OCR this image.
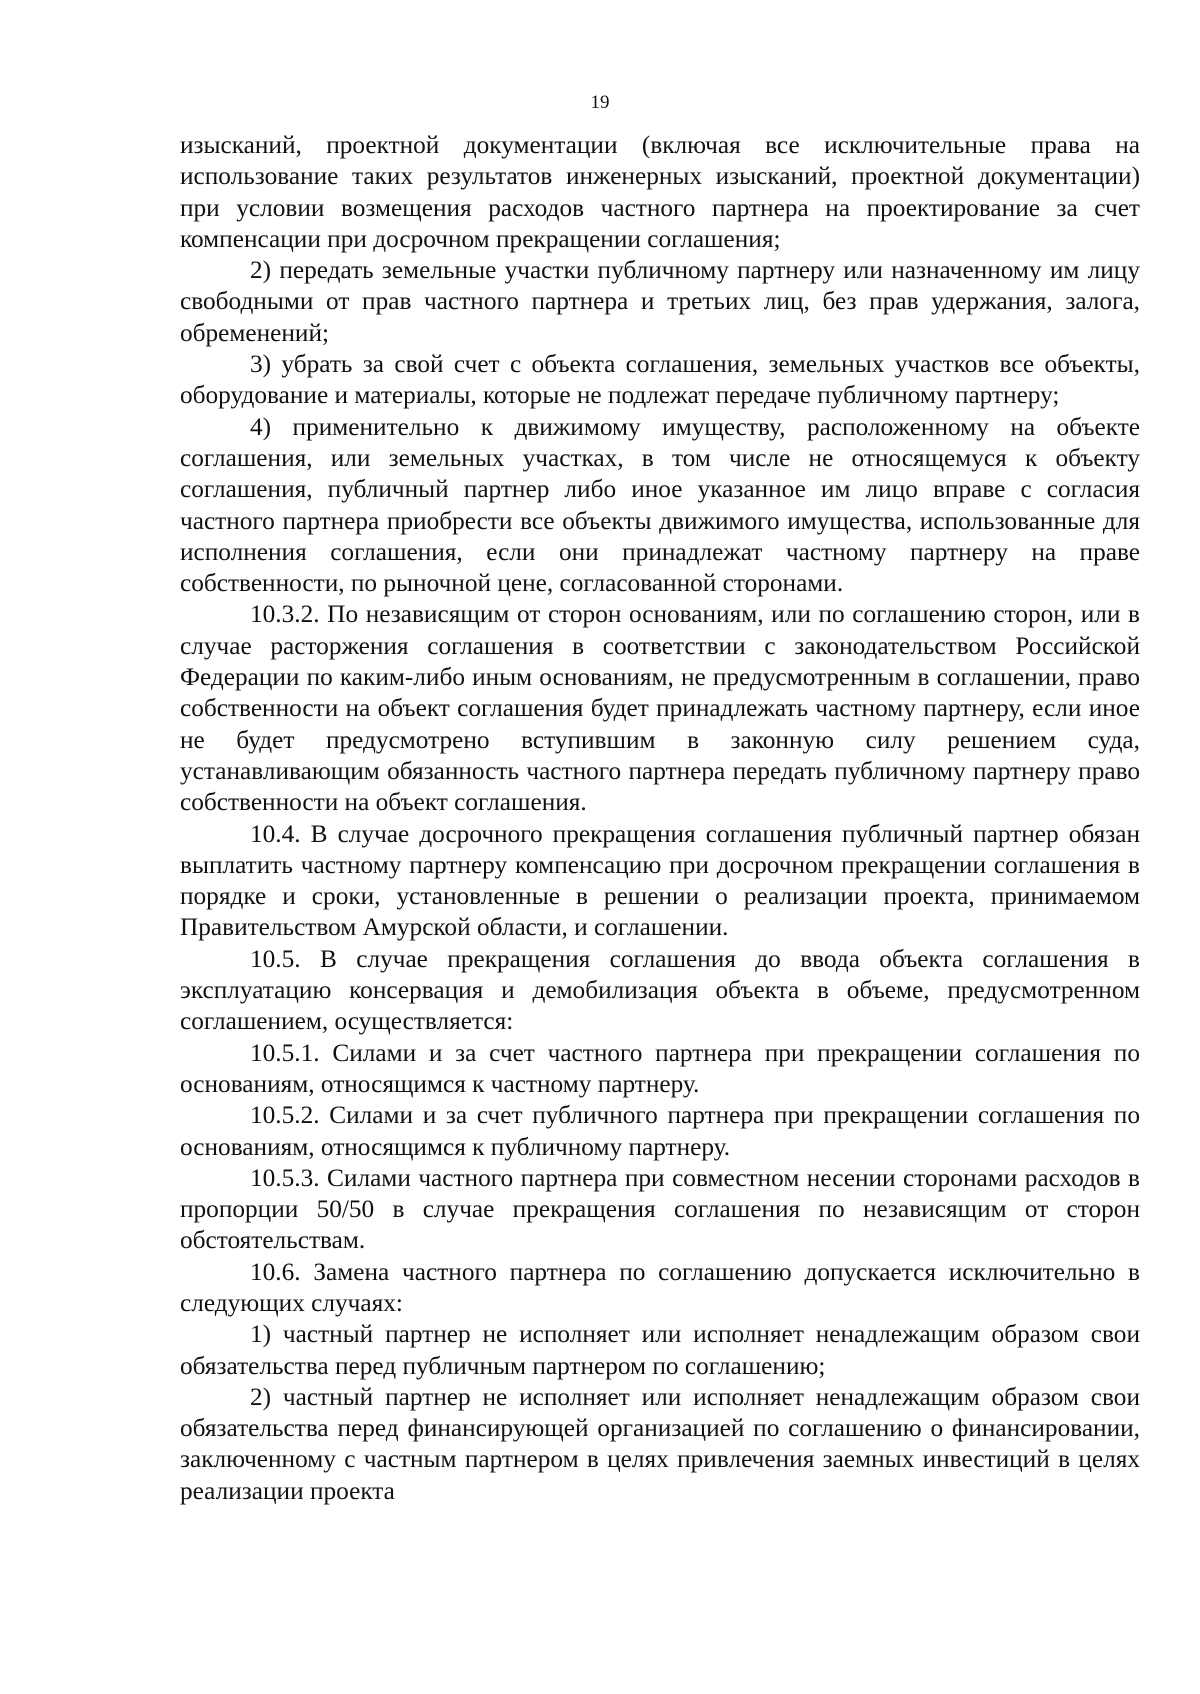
19

изысканий, проектной документации (включая все исключительные права на использование таких результатов инженерных изысканий, проектной документации) при условии возмещения расходов частного партнера на проектирование за счет компенсации при досрочном прекращении соглашения;

2) передать земельные участки публичному партнеру или назначенному им лицу свободными от прав частного партнера и третьих лиц, без прав удержания, залога, обременений;

3) убрать за свой счет с объекта соглашения, земельных участков все объекты, оборудование и материалы, которые не подлежат передаче публичному партнеру;

4) применительно к движимому имуществу, расположенному на объекте соглашения, или земельных участках, в том числе не относящемуся к объекту соглашения, публичный партнер либо иное указанное им лицо вправе с согласия частного партнера приобрести все объекты движимого имущества, использованные для исполнения соглашения, если они принадлежат частному партнеру на праве собственности, по рыночной цене, согласованной сторонами.

10.3.2. По независящим от сторон основаниям, или по соглашению сторон, или в случае расторжения соглашения в соответствии с законодательством Российской Федерации по каким-либо иным основаниям, не предусмотренным в соглашении, право собственности на объект соглашения будет принадлежать частному партнеру, если иное не будет предусмотрено вступившим в законную силу решением суда, устанавливающим обязанность частного партнера передать публичному партнеру право собственности на объект соглашения.

10.4. В случае досрочного прекращения соглашения публичный партнер обязан выплатить частному партнеру компенсацию при досрочном прекращении соглашения в порядке и сроки, установленные в решении о реализации проекта, принимаемом Правительством Амурской области, и соглашении.

10.5. В случае прекращения соглашения до ввода объекта соглашения в эксплуатацию консервация и демобилизация объекта в объеме, предусмотренном соглашением, осуществляется:

10.5.1. Силами и за счет частного партнера при прекращении соглашения по основаниям, относящимся к частному партнеру.

10.5.2. Силами и за счет публичного партнера при прекращении соглашения по основаниям, относящимся к публичному партнеру.

10.5.3. Силами частного партнера при совместном несении сторонами расходов в пропорции 50/50 в случае прекращения соглашения по независящим от сторон обстоятельствам.

10.6. Замена частного партнера по соглашению допускается исключительно в следующих случаях:

1) частный партнер не исполняет или исполняет ненадлежащим образом свои обязательства перед публичным партнером по соглашению;

2) частный партнер не исполняет или исполняет ненадлежащим образом свои обязательства перед финансирующей организацией по соглашению о финансировании, заключенному с частным партнером в целях привлечения заемных инвестиций в целях реализации проекта
